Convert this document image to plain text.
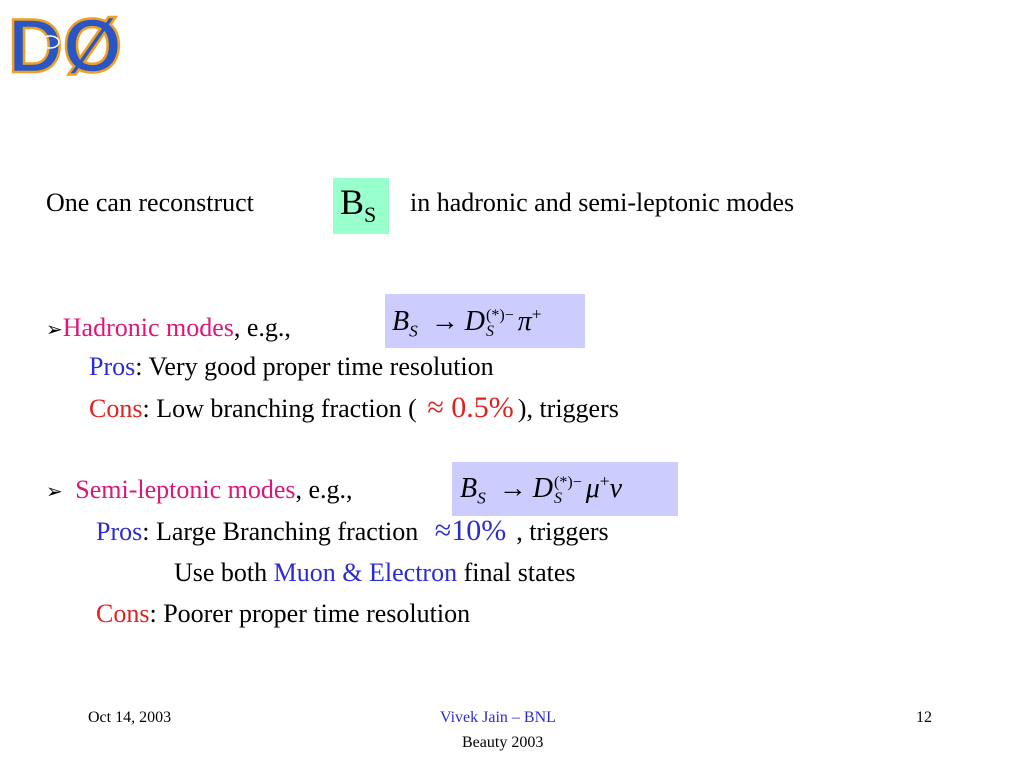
DØ
One can reconstruct $B_S$ in hadronic and semi-leptonic modes
➢Hadronic modes, e.g.,	$B_S \to D$ (*)−
S π+
Pros: Very good proper time resolution
Cons: Low branching fraction ( ≈ 0.5% ), triggers
➢ Semi-leptonic modes, e.g.,	$B_S \to D$ (*)−
S μ+ν
Pros: Large Branching fraction ≈10% , triggers
Use both Muon & Electron final states
Cons: Poorer proper time resolution
Oct 14, 2003	Vivek Jain – BNL
Beauty 2003
12
